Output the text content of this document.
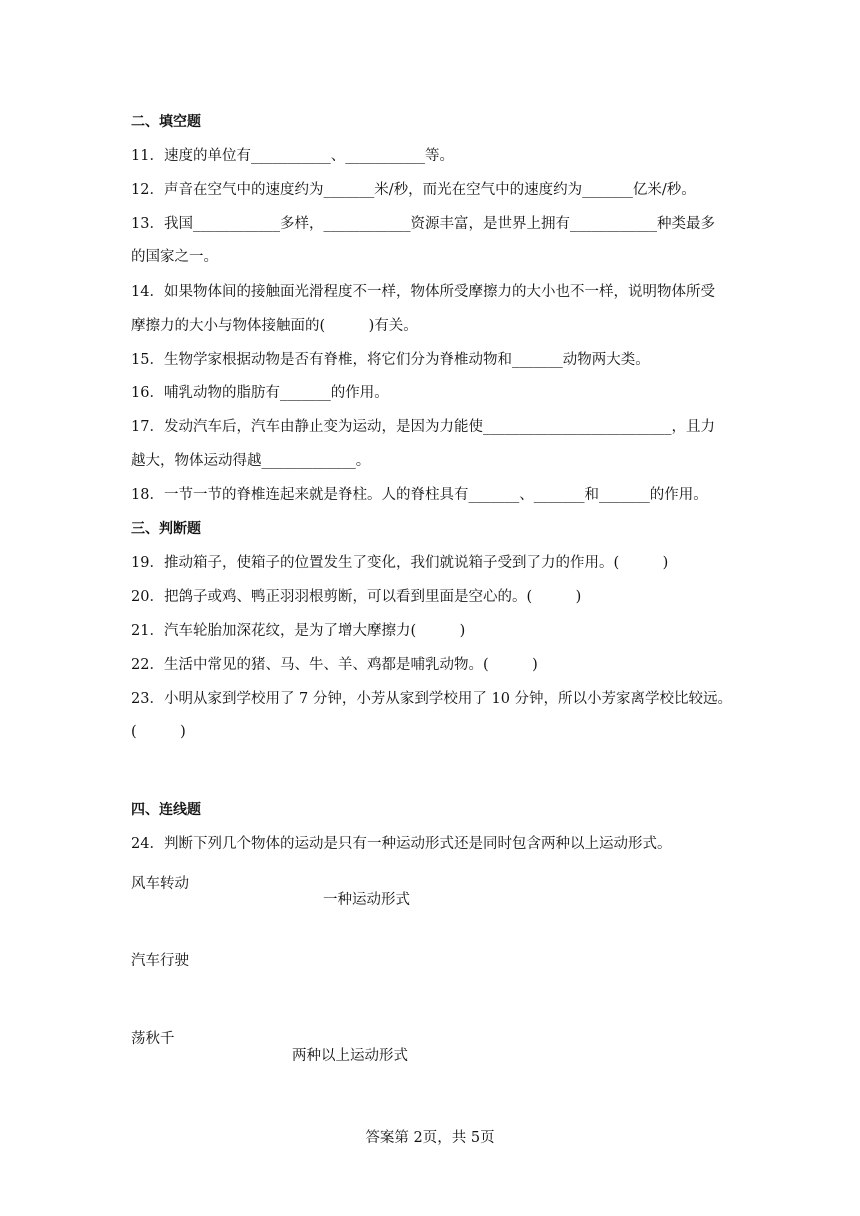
二、填空题
11．速度的单位有___________、___________等。
12．声音在空气中的速度约为_______米/秒，而光在空气中的速度约为_______亿米/秒。
13．我国____________多样，____________资源丰富，是世界上拥有____________种类最多
的国家之一。
14．如果物体间的接触面光滑程度不一样，物体所受摩擦力的大小也不一样，说明物体所受
摩擦力的大小与物体接触面的(　　　)有关。
15．生物学家根据动物是否有脊椎，将它们分为脊椎动物和_______动物两大类。
16．哺乳动物的脂肪有_______的作用。
17．发动汽车后，汽车由静止变为运动，是因为力能使__________________________，且力
越大，物体运动得越_____________。
18．一节一节的脊椎连起来就是脊柱。人的脊柱具有_______、_______和_______的作用。
三、判断题
19．推动箱子，使箱子的位置发生了变化，我们就说箱子受到了力的作用。(　　　)
20．把鸽子或鸡、鸭正羽羽根剪断，可以看到里面是空心的。(　　　)
21．汽车轮胎加深花纹，是为了增大摩擦力(　　　)
22．生活中常见的猪、马、牛、羊、鸡都是哺乳动物。(　　　)
23．小明从家到学校用了 7 分钟，小芳从家到学校用了 10 分钟，所以小芳家离学校比较远。
(　　　)
四、连线题
24．判断下列几个物体的运动是只有一种运动形式还是同时包含两种以上运动形式。
风车转动
一种运动形式
汽车行驶
荡秋千
两种以上运动形式
答案第 2页，共 5页
